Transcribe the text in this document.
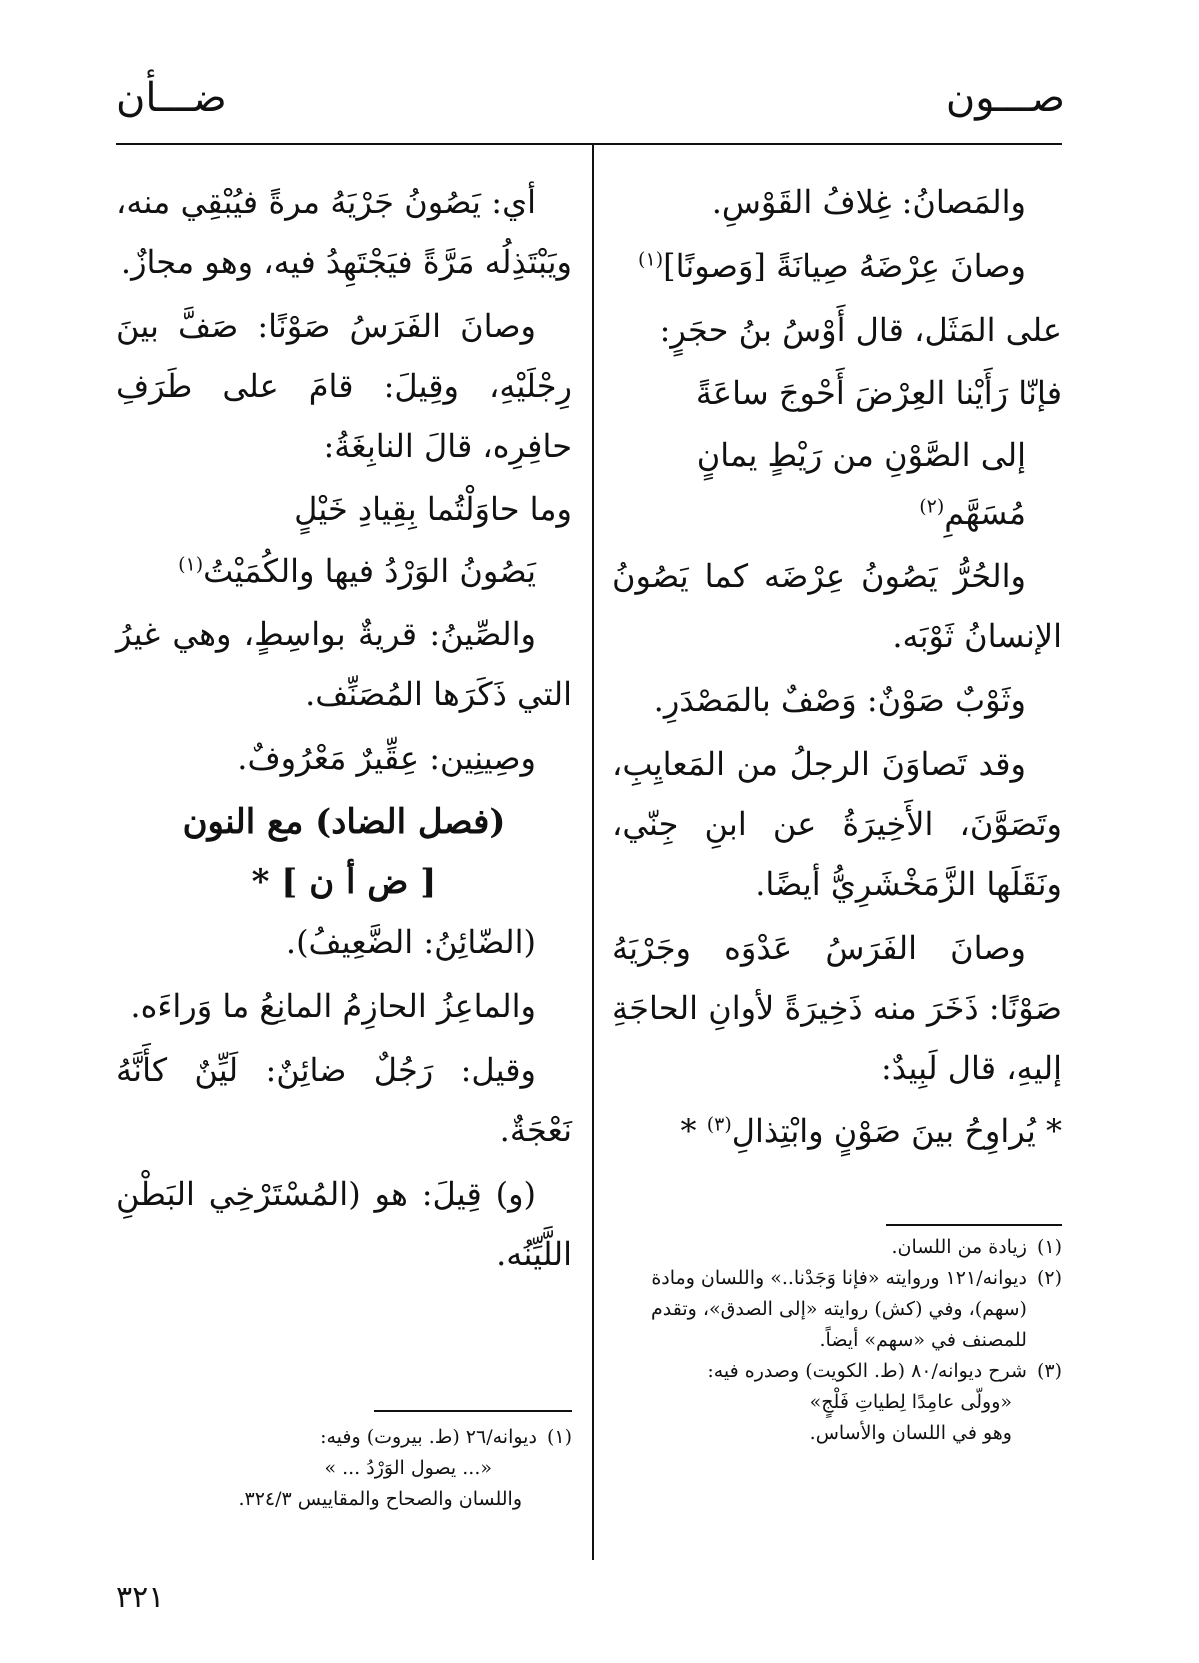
صـــون
ضـــأن

والمَصانُ: غِلافُ القَوْسِ.

وصانَ عِرْضَهُ صِيانَةً [وَصونًا]$^{(١)}$

على المَثَل، قال أَوْسُ بنُ حجَرٍ:

فإنّا رَأَيْنا العِرْضَ أَحْوجَ ساعَةً

إلى الصَّوْنِ من رَيْطٍ يمانٍ مُسَهَّمِ$^{(٢)}$

والحُرُّ يَصُونُ عِرْضَه كما يَصُونُ الإنسانُ ثَوْبَه.

وثَوْبٌ صَوْنٌ: وَصْفٌ بالمَصْدَرِ.

وقد تَصاوَنَ الرجلُ من المَعايِبِ، وتَصَوَّنَ، الأَخِيرَةُ عن ابنِ جِنّي، ونَقَلَها الزَّمَخْشَرِيُّ أيضًا.

وصانَ الفَرَسُ عَدْوَه وجَرْيَهُ صَوْنًا: ذَخَرَ منه ذَخِيرَةً لأوانِ الحاجَةِ إليهِ، قال لَبِيدٌ:

* يُراوِحُ بينَ صَوْنٍ وابْتِذالِ$^{(٣)}$ *

(١)
زيادة من اللسان.
(٢)
ديوانه/١٢١ وروايته «فإنا وَجَدْنا..» واللسان ومادة (سهم)، وفي (كش) روايته «إلى الصدق»، وتقدم للمصنف في «سهم» أيضاً.
(٣)
شرح ديوانه/٨٠ (ط. الكويت) وصدره فيه:
«وولّى عامِدًا لِطياتِ فَلْجٍ»
وهو في اللسان والأساس.

أي: يَصُونُ جَرْيَهُ مرةً فيُبْقِي منه، ويَبْتَذِلُه مَرَّةً فيَجْتَهِدُ فيه، وهو مجازٌ.

وصانَ الفَرَسُ صَوْنًا: صَفَّ بينَ رِجْلَيْهِ، وقِيلَ: قامَ على طَرَفِ حافِرِه، قالَ النابِغَةُ:

وما حاوَلْتُما بِقِيادِ خَيْلٍ

يَصُونُ الوَرْدُ فيها والكُمَيْتُ$^{(١)}$

والصِّينُ: قريةٌ بواسِطٍ، وهي غيرُ التي ذَكَرَها المُصَنِّف.

وصِينِين: عِقِّيرٌ مَعْرُوفٌ.

(فصل الضاد) مع النون

[ ض أ ن ] *

(الضّائِنُ: الضَّعِيفُ).

والماعِزُ الحازِمُ المانِعُ ما وَراءَه.

وقيل: رَجُلٌ ضائِنٌ: لَيِّنٌ كأَنَّهُ نَعْجَةٌ.

(و) قِيلَ: هو (المُسْتَرْخِي البَطْنِ اللَّيِّنُه.

(١)
ديوانه/٢٦ (ط. بيروت) وفيه:
«... يصول الوَرْدُ ... »
واللسان والصحاح والمقاييس ٣٢٤/٣.
٣٢١
